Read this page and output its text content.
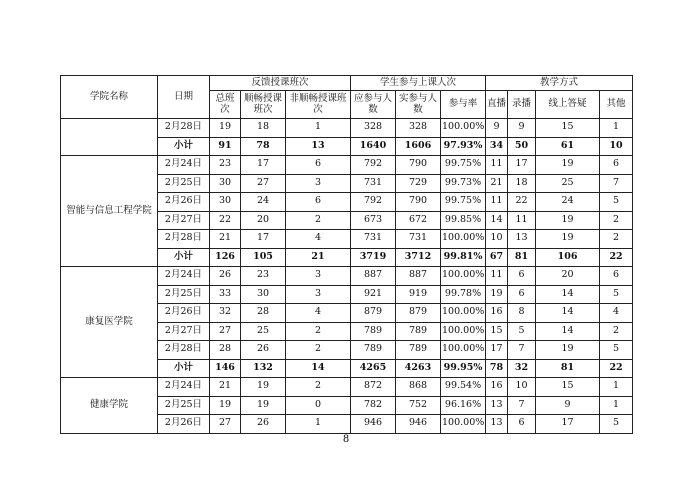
学院名称	日期	反馈授课班次			学生参与上课人次			教学方式			
		总班次	顺畅授课班次	非顺畅授课班次	应参与人数	实参与人数	参与率	直播	录播	线上答疑	其他
	2月28日	19	18	1	328	328	100.00%	9	9	15	1
	小计	91	78	13	1640	1606	97.93%	34	50	61	10
智能与信息工程学院	2月24日	23	17	6	792	790	99.75%	11	17	19	6
	2月25日	30	27	3	731	729	99.73%	21	18	25	7
	2月26日	30	24	6	792	790	99.75%	11	22	24	5
	2月27日	22	20	2	673	672	99.85%	14	11	19	2
	2月28日	21	17	4	731	731	100.00%	10	13	19	2
	小计	126	105	21	3719	3712	99.81%	67	81	106	22
康复医学院	2月24日	26	23	3	887	887	100.00%	11	6	20	6
	2月25日	33	30	3	921	919	99.78%	19	6	14	5
	2月26日	32	28	4	879	879	100.00%	16	8	14	4
	2月27日	27	25	2	789	789	100.00%	15	5	14	2
	2月28日	28	26	2	789	789	100.00%	17	7	19	5
	小计	146	132	14	4265	4263	99.95%	78	32	81	22
健康学院	2月24日	21	19	2	872	868	99.54%	16	10	15	1
	2月25日	19	19	0	782	752	96.16%	13	7	9	1
	2月26日	27	26	1	946	946	100.00%	13	6	17	5
8
